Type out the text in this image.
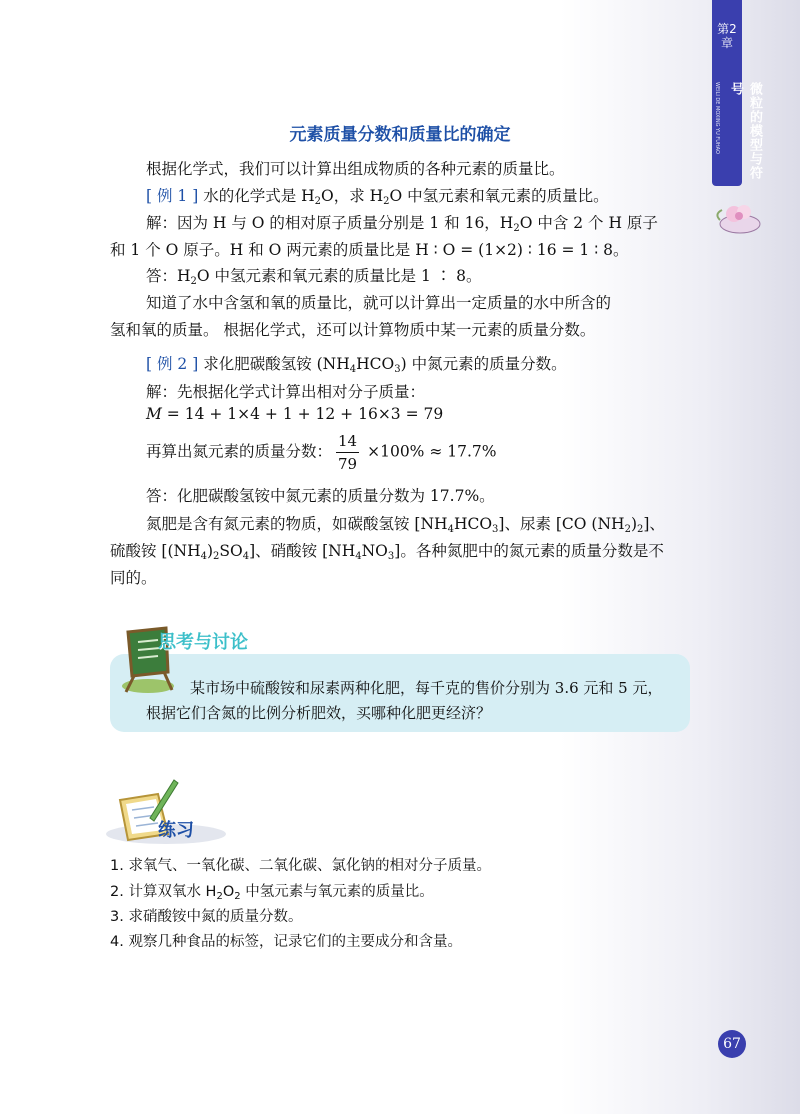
第2章
WEILI DE MOXING YU FUHAO	微粒的模型与符号
元素质量分数和质量比的确定
根据化学式，我们可以计算出组成物质的各种元素的质量比。
[ 例 1 ] 水的化学式是 $H_2O$，求 $H_2O$ 中氢元素和氧元素的质量比。
解：因为 H 与 O 的相对原子质量分别是 1 和 16，$H_2O$ 中含 2 个 H 原子
和 1 个 O 原子。H 和 O 两元素的质量比是 H ∶ O = (1×2) ∶ 16 = 1 ∶ 8。
答：$H_2O$ 中氢元素和氧元素的质量比是 1 ∶ 8。
知道了水中含氢和氧的质量比，就可以计算出一定质量的水中所含的
氢和氧的质量。 根据化学式，还可以计算物质中某一元素的质量分数。
[ 例 2 ] 求化肥碳酸氢铵 $(NH_4HCO_3)$ 中氮元素的质量分数。
解：先根据化学式计算出相对分子质量：
M = 14 + 1×4 + 1 + 12 + 16×3 = 79
再算出氮元素的质量分数： $\frac{14}{79} \times 100\% \approx 17.7\%$
答：化肥碳酸氢铵中氮元素的质量分数为 17.7%。
氮肥是含有氮元素的物质，如碳酸氢铵 $[NH_4HCO_3]$、尿素 [CO $(NH_2)_2$]、
硫酸铵 $[(NH_4)_2SO_4]$、硝酸铵 $[NH_4NO_3]$。各种氮肥中的氮元素的质量分数是不
同的。
思考与讨论
某市场中硫酸铵和尿素两种化肥，每千克的售价分别为 3.6 元和 5 元，
根据它们含氮的比例分析肥效，买哪种化肥更经济？
练习
1. 求氧气、一氧化碳、二氧化碳、氯化钠的相对分子质量。
2. 计算双氧水 $H_2O_2$ 中氢元素与氧元素的质量比。
3. 求硝酸铵中氮的质量分数。
4. 观察几种食品的标签，记录它们的主要成分和含量。
67
